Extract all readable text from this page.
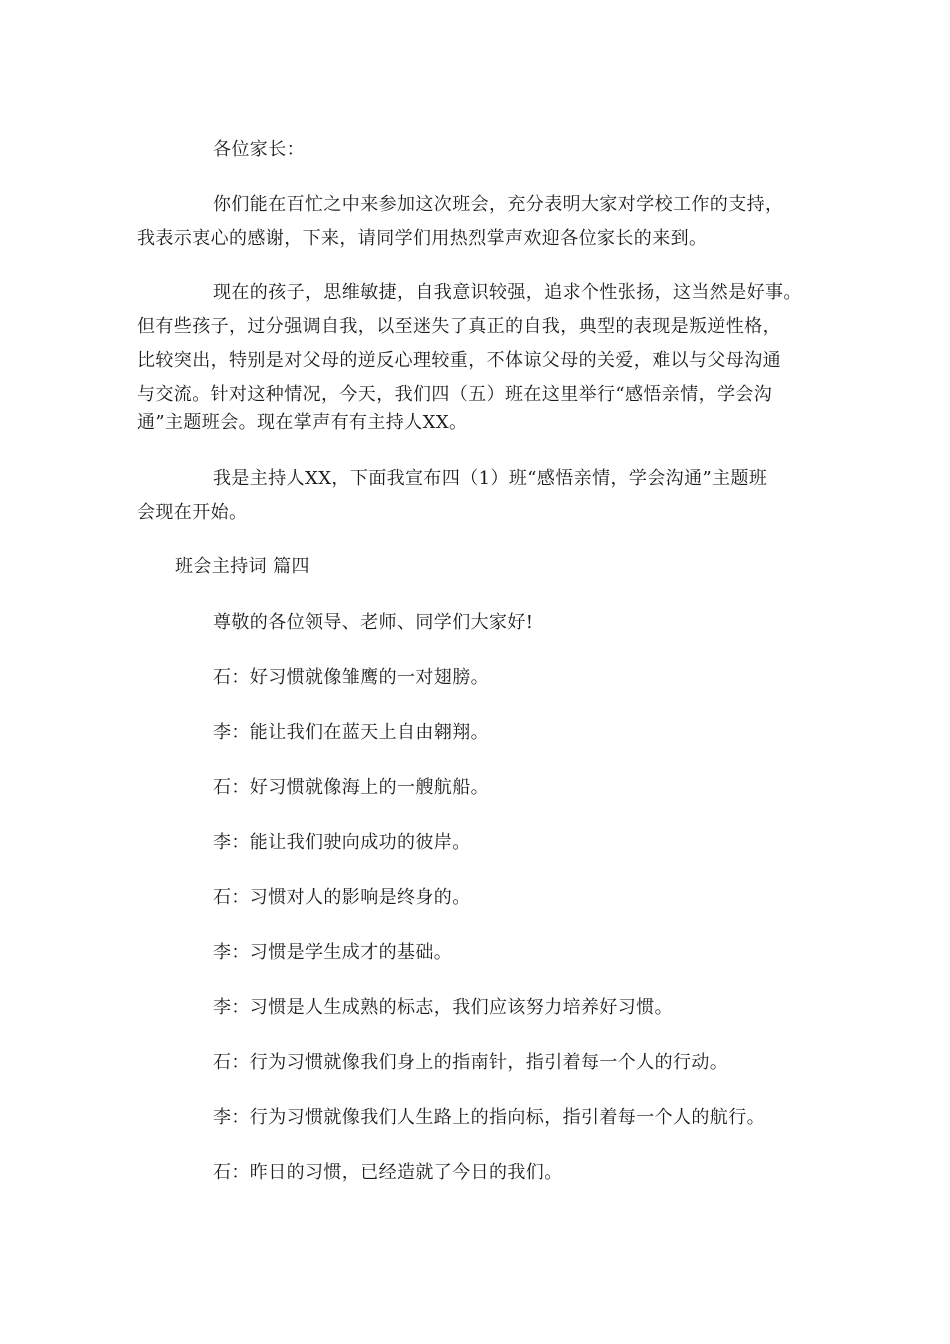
各位家长：
你们能在百忙之中来参加这次班会，充分表明大家对学校工作的支持，
我表示衷心的感谢，下来，请同学们用热烈掌声欢迎各位家长的来到。
现在的孩子，思维敏捷，自我意识较强，追求个性张扬，这当然是好事。
但有些孩子，过分强调自我，以至迷失了真正的自我，典型的表现是叛逆性格，
比较突出，特别是对父母的逆反心理较重，不体谅父母的关爱，难以与父母沟通
与交流。针对这种情况，今天，我们四（五）班在这里举行“感悟亲情，学会沟
通”主题班会。现在掌声有有主持人XX。
我是主持人XX，下面我宣布四（1）班“感悟亲情，学会沟通”主题班
会现在开始。
班会主持词 篇四
尊敬的各位领导、老师、同学们大家好!
石：好习惯就像雏鹰的一对翅膀。
李：能让我们在蓝天上自由翱翔。
石：好习惯就像海上的一艘航船。
李：能让我们驶向成功的彼岸。
石：习惯对人的影响是终身的。
李：习惯是学生成才的基础。
李：习惯是人生成熟的标志，我们应该努力培养好习惯。
石：行为习惯就像我们身上的指南针，指引着每一个人的行动。
李：行为习惯就像我们人生路上的指向标，指引着每一个人的航行。
石：昨日的习惯，已经造就了今日的我们。
